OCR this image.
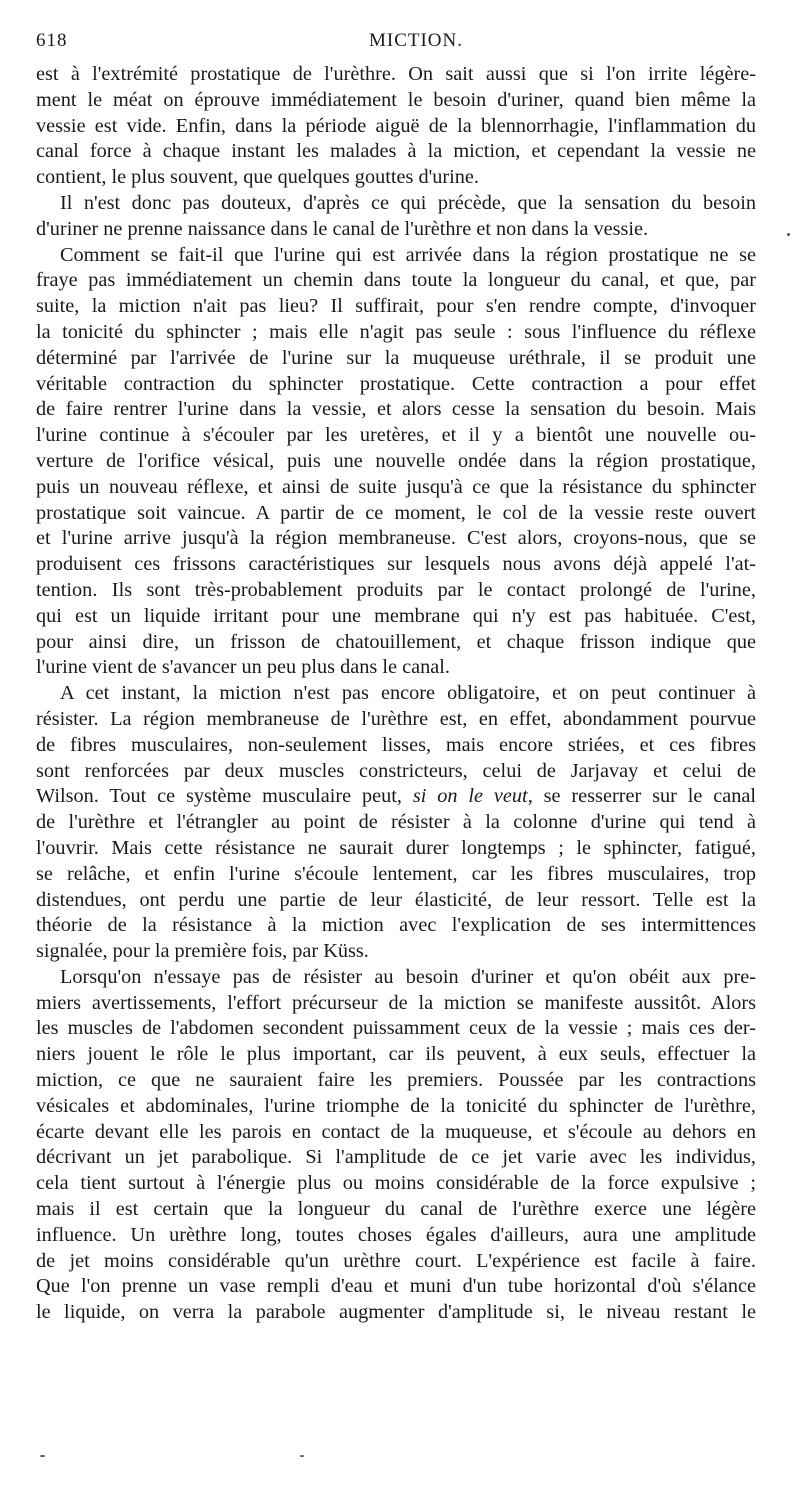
618	MICTION.
est à l'extrémité prostatique de l'urèthre. On sait aussi que si l'on irrite légère-
ment le méat on éprouve immédiatement le besoin d'uriner, quand bien même la
vessie est vide. Enfin, dans la période aiguë de la blennorrhagie, l'inflammation du
canal force à chaque instant les malades à la miction, et cependant la vessie ne
contient, le plus souvent, que quelques gouttes d'urine.
Il n'est donc pas douteux, d'après ce qui précède, que la sensation du besoin
d'uriner ne prenne naissance dans le canal de l'urèthre et non dans la vessie.
Comment se fait-il que l'urine qui est arrivée dans la région prostatique ne se
fraye pas immédiatement un chemin dans toute la longueur du canal, et que, par
suite, la miction n'ait pas lieu? Il suffirait, pour s'en rendre compte, d'invoquer
la tonicité du sphincter ; mais elle n'agit pas seule : sous l'influence du réflexe
déterminé par l'arrivée de l'urine sur la muqueuse uréthrale, il se produit une
véritable contraction du sphincter prostatique. Cette contraction a pour effet
de faire rentrer l'urine dans la vessie, et alors cesse la sensation du besoin. Mais
l'urine continue à s'écouler par les uretères, et il y a bientôt une nouvelle ou-
verture de l'orifice vésical, puis une nouvelle ondée dans la région prostatique,
puis un nouveau réflexe, et ainsi de suite jusqu'à ce que la résistance du sphincter
prostatique soit vaincue. A partir de ce moment, le col de la vessie reste ouvert
et l'urine arrive jusqu'à la région membraneuse. C'est alors, croyons-nous, que se
produisent ces frissons caractéristiques sur lesquels nous avons déjà appelé l'at-
tention. Ils sont très-probablement produits par le contact prolongé de l'urine,
qui est un liquide irritant pour une membrane qui n'y est pas habituée. C'est,
pour ainsi dire, un frisson de chatouillement, et chaque frisson indique que
l'urine vient de s'avancer un peu plus dans le canal.
A cet instant, la miction n'est pas encore obligatoire, et on peut continuer à
résister. La région membraneuse de l'urèthre est, en effet, abondamment pourvue
de fibres musculaires, non-seulement lisses, mais encore striées, et ces fibres
sont renforcées par deux muscles constricteurs, celui de Jarjavay et celui de
Wilson. Tout ce système musculaire peut, si on le veut, se resserrer sur le canal
de l'urèthre et l'étrangler au point de résister à la colonne d'urine qui tend à
l'ouvrir. Mais cette résistance ne saurait durer longtemps ; le sphincter, fatigué,
se relâche, et enfin l'urine s'écoule lentement, car les fibres musculaires, trop
distendues, ont perdu une partie de leur élasticité, de leur ressort. Telle est la
théorie de la résistance à la miction avec l'explication de ses intermittences
signalée, pour la première fois, par Küss.
Lorsqu'on n'essaye pas de résister au besoin d'uriner et qu'on obéit aux pre-
miers avertissements, l'effort précurseur de la miction se manifeste aussitôt. Alors
les muscles de l'abdomen secondent puissamment ceux de la vessie ; mais ces der-
niers jouent le rôle le plus important, car ils peuvent, à eux seuls, effectuer la
miction, ce que ne sauraient faire les premiers. Poussée par les contractions
vésicales et abdominales, l'urine triomphe de la tonicité du sphincter de l'urèthre,
écarte devant elle les parois en contact de la muqueuse, et s'écoule au dehors en
décrivant un jet parabolique. Si l'amplitude de ce jet varie avec les individus,
cela tient surtout à l'énergie plus ou moins considérable de la force expulsive ;
mais il est certain que la longueur du canal de l'urèthre exerce une légère
influence. Un urèthre long, toutes choses égales d'ailleurs, aura une amplitude
de jet moins considérable qu'un urèthre court. L'expérience est facile à faire.
Que l'on prenne un vase rempli d'eau et muni d'un tube horizontal d'où s'élance
le liquide, on verra la parabole augmenter d'amplitude si, le niveau restant le
